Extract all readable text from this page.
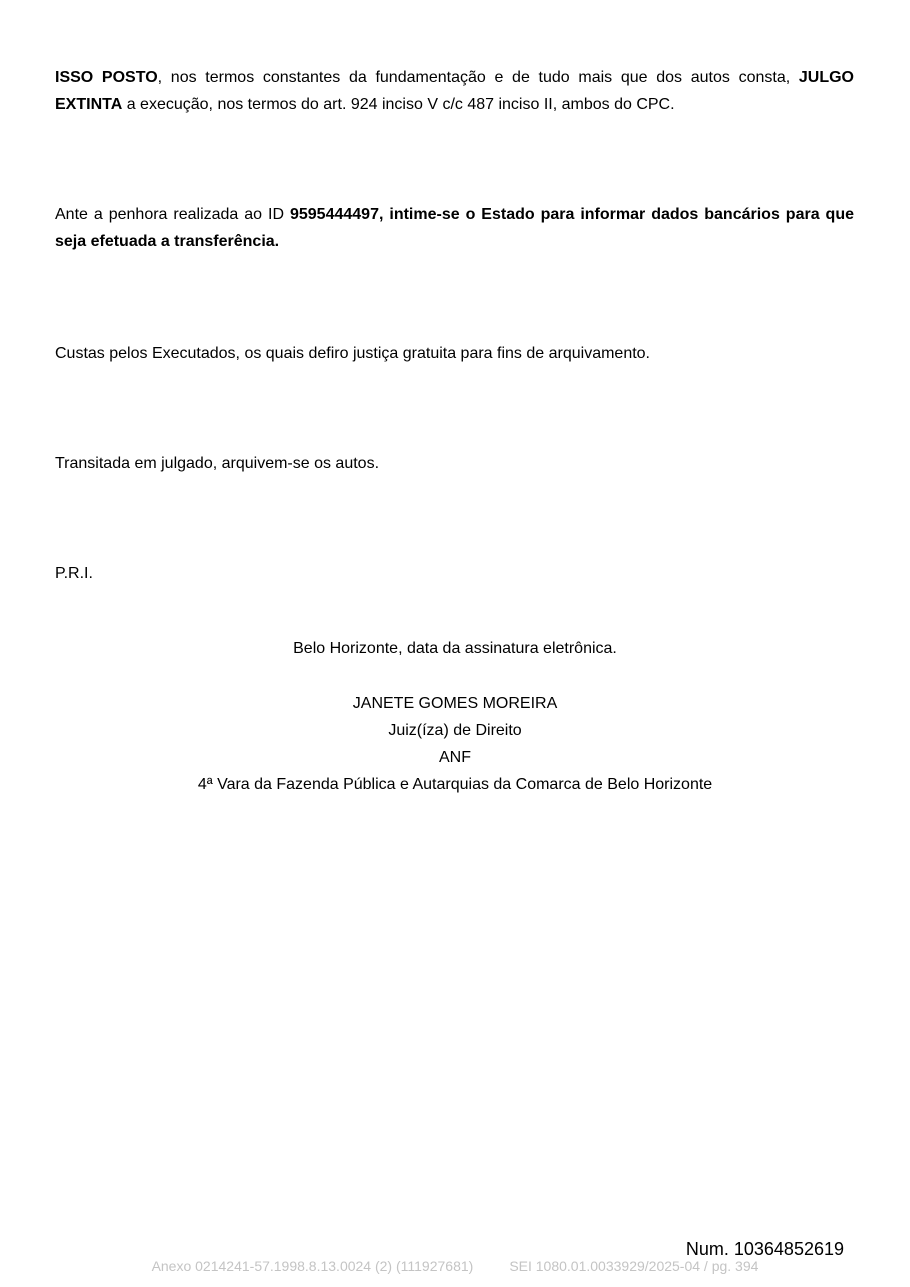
ISSO POSTO, nos termos constantes da fundamentação e de tudo mais que dos autos consta, JULGO EXTINTA a execução, nos termos do art. 924 inciso V c/c 487 inciso II, ambos do CPC.
Ante a penhora realizada ao ID 9595444497, intime-se o Estado para informar dados bancários para que seja efetuada a transferência.
Custas pelos Executados, os quais defiro justiça gratuita para fins de arquivamento.
Transitada em julgado, arquivem-se os autos.
P.R.I.
Belo Horizonte, data da assinatura eletrônica.
JANETE GOMES MOREIRA
Juiz(íza) de Direito
ANF
4ª Vara da Fazenda Pública e Autarquias da Comarca de Belo Horizonte
Num. 10364852619
Anexo 0214241-57.1998.8.13.0024 (2) (111927681)	SEI 1080.01.0033929/2025-04 / pg. 394
